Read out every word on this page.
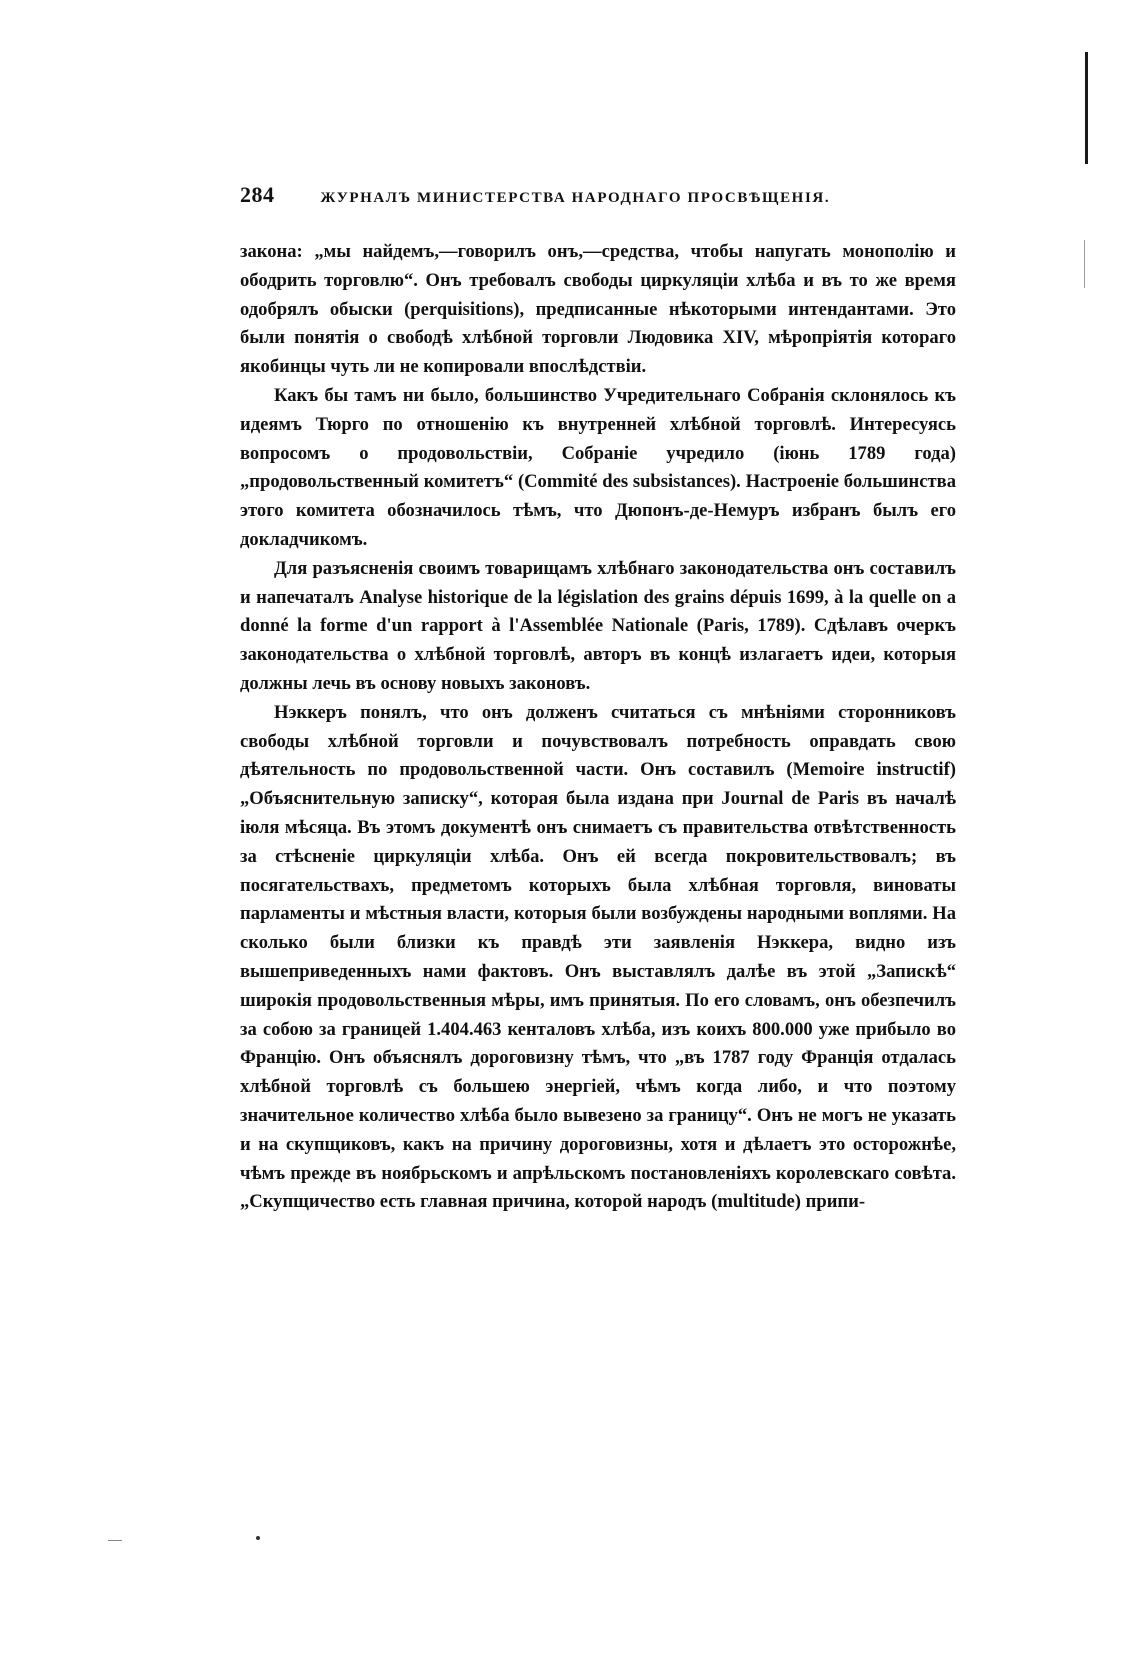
284	ЖУРНАЛЪ МИНИСТЕРСТВА НАРОДНАГО ПРОСВѢЩЕНІЯ.

закона: „мы найдемъ,—говорилъ онъ,—средства, чтобы напугать монополію и ободрить торговлю“. Онъ требовалъ свободы циркуляціи хлѣба и въ то же время одобрялъ обыски (perquisitions), предписанные нѣкоторыми интендантами. Это были понятія о свободѣ хлѣбной торговли Людовика XIV, мѣропріятія котораго якобинцы чуть ли не копировали впослѣдствіи.

Какъ бы тамъ ни было, большинство Учредительнаго Собранія склонялось къ идеямъ Тюрго по отношенію къ внутренней хлѣбной торговлѣ. Интересуясь вопросомъ о продовольствіи, Собраніе учредило (іюнь 1789 года) „продовольственный комитетъ“ (Commité des subsistances). Настроеніе большинства этого комитета обозначилось тѣмъ, что Дюпонъ-де-Немуръ избранъ былъ его докладчикомъ.

Для разъясненія своимъ товарищамъ хлѣбнаго законодательства онъ составилъ и напечаталъ Analyse historique de la législation des grains dépuis 1699, à la quelle on a donné la forme d'un rapport à l'Assemblée Nationale (Paris, 1789). Сдѣлавъ очеркъ законодательства о хлѣбной торговлѣ, авторъ въ концѣ излагаетъ идеи, которыя должны лечь въ основу новыхъ законовъ.

Нэккеръ понялъ, что онъ долженъ считаться съ мнѣніями сторонниковъ свободы хлѣбной торговли и почувствовалъ потребность оправдать свою дѣятельность по продовольственной части. Онъ составилъ (Memoire instructif) „Объяснительную записку“, которая была издана при Journal de Paris въ началѣ іюля мѣсяца. Въ этомъ документѣ онъ снимаетъ съ правительства отвѣтственность за стѣсненіе циркуляціи хлѣба. Онъ ей всегда покровительствовалъ; въ посягательствахъ, предметомъ которыхъ была хлѣбная торговля, виноваты парламенты и мѣстныя власти, которыя были возбуждены народными воплями. На сколько были близки къ правдѣ эти заявленія Нэккера, видно изъ вышеприведенныхъ нами фактовъ. Онъ выставлялъ далѣе въ этой „Запискѣ“ широкія продовольственныя мѣры, имъ принятыя. По его словамъ, онъ обезпечилъ за собою за границей 1.404.463 кенталовъ хлѣба, изъ коихъ 800.000 уже прибыло во Францію. Онъ объяснялъ дороговизну тѣмъ, что „въ 1787 году Франція отдалась хлѣбной торговлѣ съ большею энергіей, чѣмъ когда либо, и что поэтому значительное количество хлѣба было вывезено за границу“. Онъ не могъ не указать и на скупщиковъ, какъ на причину дороговизны, хотя и дѣлаетъ это осторожнѣе, чѣмъ прежде въ ноябрьскомъ и апрѣльскомъ постановленіяхъ королевскаго совѣта. „Скупщичество есть главная причина, которой народъ (multitude) припи-
